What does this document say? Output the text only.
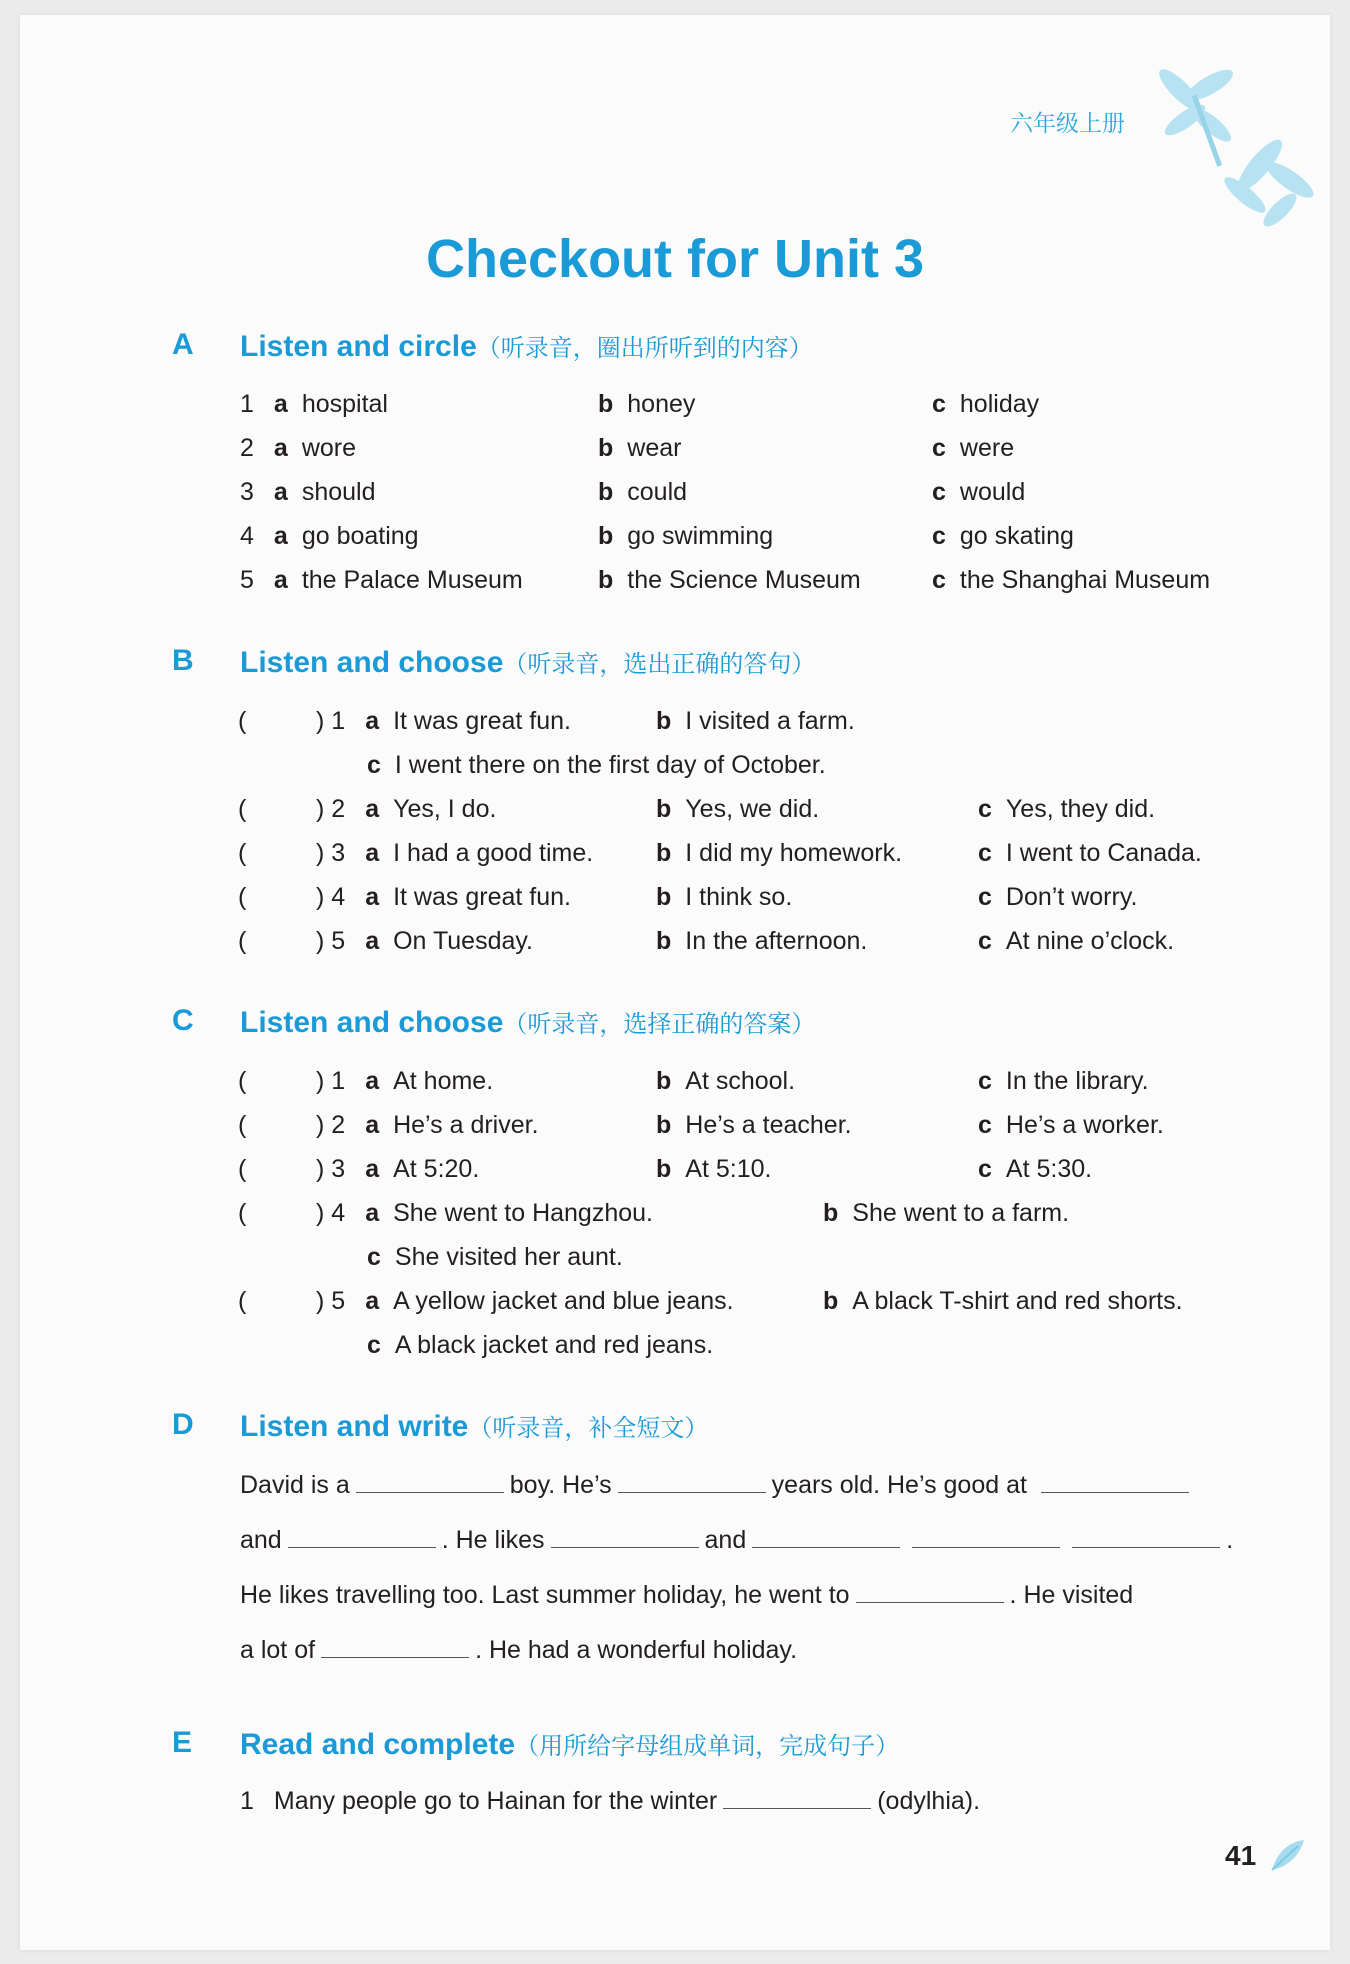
六年级上册
Checkout for Unit 3
A Listen and circle（听录音，圈出所听到的内容）
1 a hospital	b honey	c holiday
2 a wore	b wear	c were
3 a should	b could	c would
4 a go boating	b go swimming	c go skating
5 a the Palace Museum	b the Science Museum	c the Shanghai Museum
B Listen and choose（听录音，选出正确的答句）
(	) 1 a It was great fun.	b I visited a farm.
c I went there on the first day of October.
(	) 2 a Yes, I do.	b Yes, we did.	c Yes, they did.
(	) 3 a I had a good time.	b I did my homework.	c I went to Canada.
(	) 4 a It was great fun.	b I think so.	c Don’t worry.
(	) 5 a On Tuesday.	b In the afternoon.	c At nine o’clock.
C Listen and choose（听录音，选择正确的答案）
(	) 1 a At home.	b At school.	c In the library.
(	) 2 a He’s a driver.	b He’s a teacher.	c He’s a worker.
(	) 3 a At 5:20.	b At 5:10.	c At 5:30.
(	) 4 a She went to Hangzhou.	b She went to a farm.
c She visited her aunt.
(	) 5 a A yellow jacket and blue jeans.	b A black T-shirt and red shorts.
c A black jacket and red jeans.
D Listen and write（听录音，补全短文）
David is a	boy. He’s	years old. He’s good at
and	. He likes	and	.
He likes travelling too. Last summer holiday, he went to	. He visited
a lot of	. He had a wonderful holiday.
E Read and complete（用所给字母组成单词，完成句子）
1 Many people go to Hainan for the winter	(odylhia).
41
